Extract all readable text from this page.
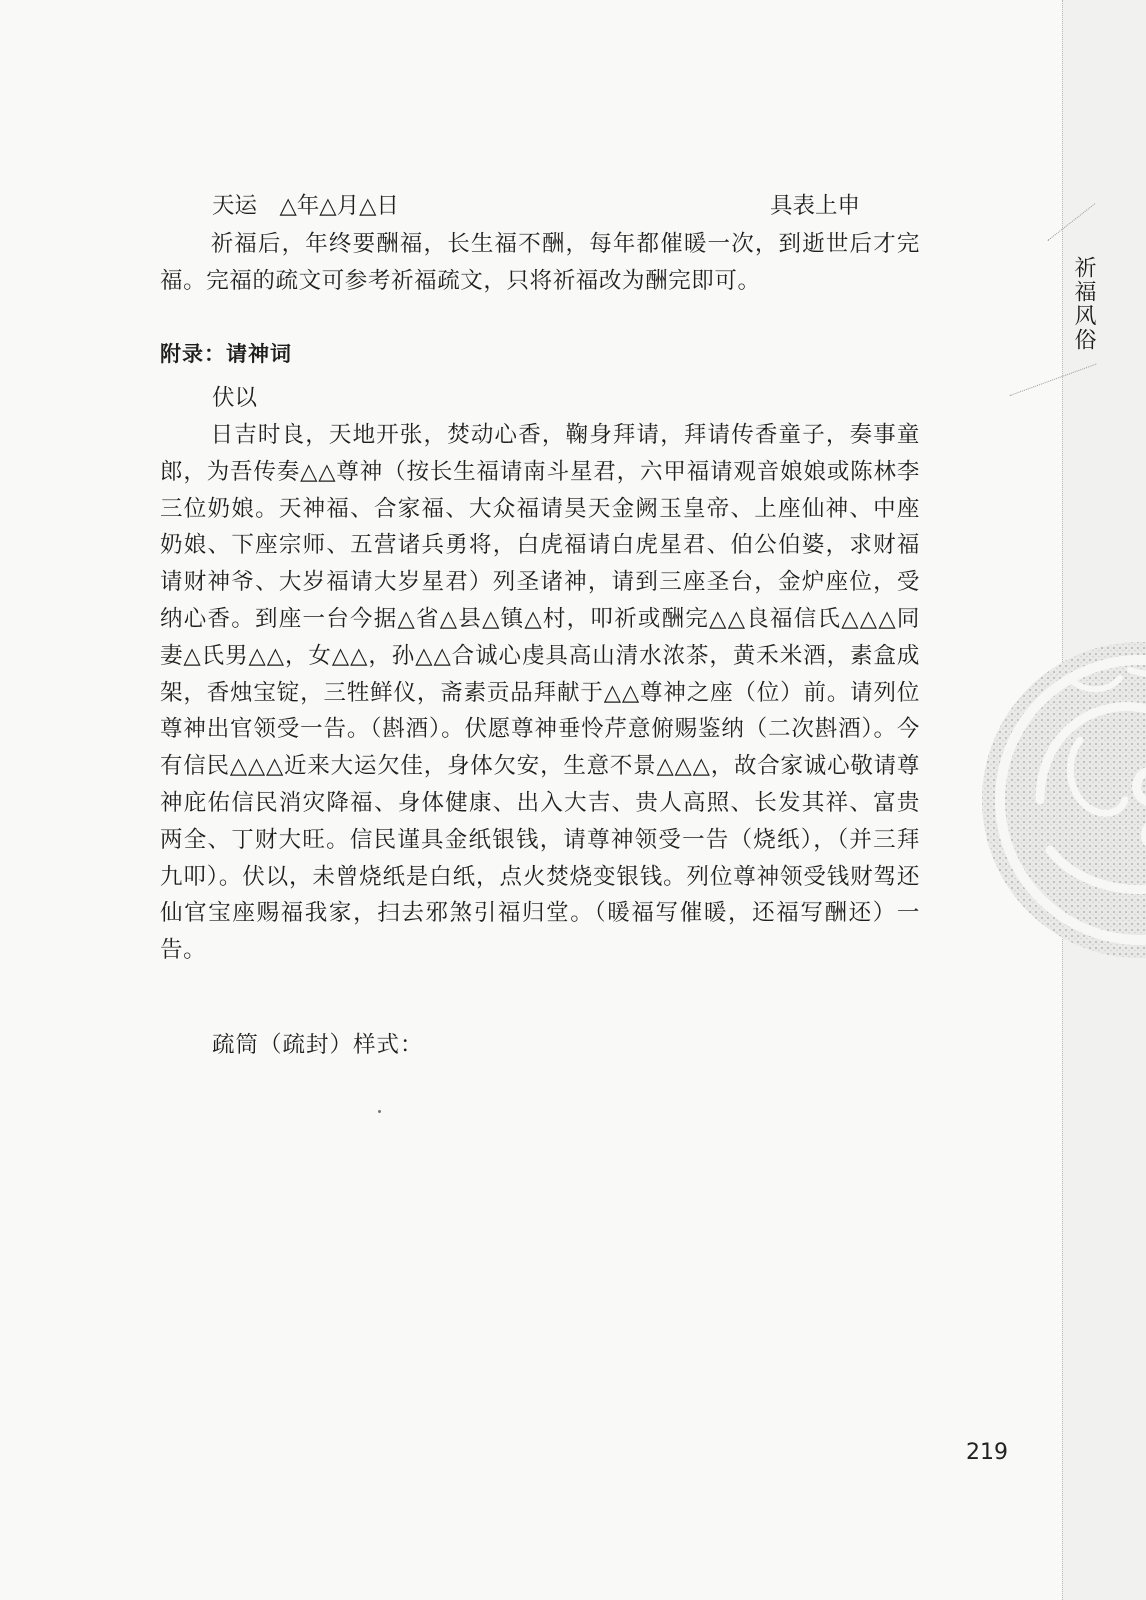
祈福风俗
天运　△年△月△日	具表上申
祈福后，年终要酬福，长生福不酬，每年都催暖一次，到逝世后才完福。完福的疏文可参考祈福疏文，只将祈福改为酬完即可。
附录：请神词
伏以
日吉时良，天地开张，焚动心香，鞠身拜请，拜请传香童子，奏事童郎，为吾传奏△△尊神（按长生福请南斗星君，六甲福请观音娘娘或陈林李三位奶娘。天神福、合家福、大众福请昊天金阙玉皇帝、上座仙神、中座奶娘、下座宗师、五营诸兵勇将，白虎福请白虎星君、伯公伯婆，求财福请财神爷、大岁福请大岁星君）列圣诸神，请到三座圣台，金炉座位，受纳心香。到座一台今据△省△县△镇△村，叩祈或酬完△△良福信氏△△△同妻△氏男△△，女△△，孙△△合诚心虔具高山清水浓茶，黄禾米酒，素盒成架，香烛宝锭，三牲鲜仪，斋素贡品拜献于△△尊神之座（位）前。请列位尊神出官领受一告。（斟酒）。伏愿尊神垂怜芹意俯赐鉴纳（二次斟酒）。今有信民△△△近来大运欠佳，身体欠安，生意不景△△△，故合家诚心敬请尊神庇佑信民消灾降福、身体健康、出入大吉、贵人高照、长发其祥、富贵两全、丁财大旺。信民谨具金纸银钱，请尊神领受一告（烧纸），（并三拜九叩）。伏以，未曾烧纸是白纸，点火焚烧变银钱。列位尊神领受钱财驾还仙官宝座赐福我家，扫去邪煞引福归堂。（暖福写催暖，还福写酬还）一告。
疏筒（疏封）样式：
219
